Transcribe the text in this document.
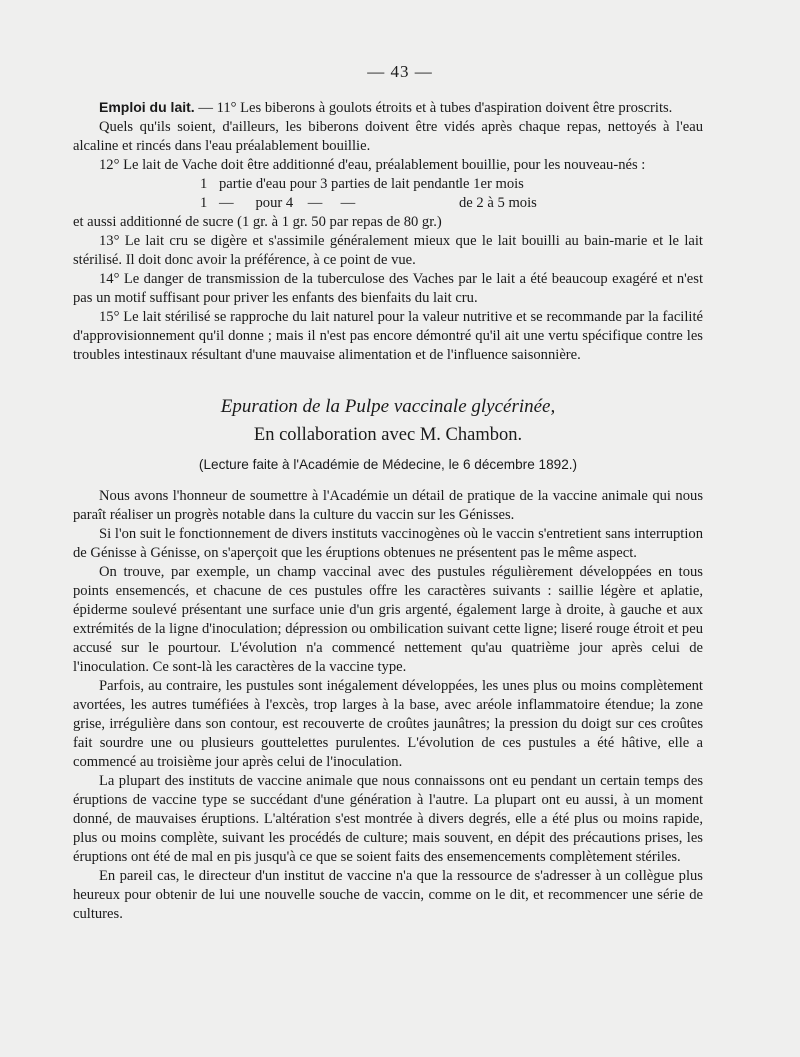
— 43 —

Emploi du lait. — 11° Les biberons à goulots étroits et à tubes d'aspiration doivent être proscrits.

Quels qu'ils soient, d'ailleurs, les biberons doivent être vidés après chaque repas, nettoyés à l'eau alcaline et rincés dans l'eau préalablement bouillie.

12° Le lait de Vache doit être additionné d'eau, préalablement bouillie, pour les nouveau-nés :

1 partie d'eau pour 3 parties de lait pendant le 1er mois
1 —      pour 4    —     —	de 2 à 5 mois

et aussi additionné de sucre (1 gr. à 1 gr. 50 par repas de 80 gr.)

13° Le lait cru se digère et s'assimile généralement mieux que le lait bouilli au bain-marie et le lait stérilisé. Il doit donc avoir la préférence, à ce point de vue.

14° Le danger de transmission de la tuberculose des Vaches par le lait a été beaucoup exagéré et n'est pas un motif suffisant pour priver les enfants des bienfaits du lait cru.

15° Le lait stérilisé se rapproche du lait naturel pour la valeur nutritive et se recommande par la facilité d'approvisionnement qu'il donne ; mais il n'est pas encore démontré qu'il ait une vertu spécifique contre les troubles intestinaux résultant d'une mauvaise alimentation et de l'influence saisonnière.

Epuration de la Pulpe vaccinale glycérinée,
En collaboration avec M. Chambon.
(Lecture faite à l'Académie de Médecine, le 6 décembre 1892.)

Nous avons l'honneur de soumettre à l'Académie un détail de pratique de la vaccine animale qui nous paraît réaliser un progrès notable dans la culture du vaccin sur les Génisses.

Si l'on suit le fonctionnement de divers instituts vaccinogènes où le vaccin s'entretient sans interruption de Génisse à Génisse, on s'aperçoit que les éruptions obtenues ne présentent pas le même aspect.

On trouve, par exemple, un champ vaccinal avec des pustules régulièrement développées en tous points ensemencés, et chacune de ces pustules offre les caractères suivants : saillie légère et aplatie, épiderme soulevé présentant une surface unie d'un gris argenté, également large à droite, à gauche et aux extrémités de la ligne d'inoculation; dépression ou ombilication suivant cette ligne; liseré rouge étroit et peu accusé sur le pourtour. L'évolution n'a commencé nettement qu'au quatrième jour après celui de l'inoculation. Ce sont-là les caractères de la vaccine type.

Parfois, au contraire, les pustules sont inégalement développées, les unes plus ou moins complètement avortées, les autres tuméfiées à l'excès, trop larges à la base, avec aréole inflammatoire étendue; la zone grise, irrégulière dans son contour, est recouverte de croûtes jaunâtres; la pression du doigt sur ces croûtes fait sourdre une ou plusieurs gouttelettes purulentes. L'évolution de ces pustules a été hâtive, elle a commencé au troisième jour après celui de l'inoculation.

La plupart des instituts de vaccine animale que nous connaissons ont eu pendant un certain temps des éruptions de vaccine type se succédant d'une génération à l'autre. La plupart ont eu aussi, à un moment donné, de mauvaises éruptions. L'altération s'est montrée à divers degrés, elle a été plus ou moins rapide, plus ou moins complète, suivant les procédés de culture; mais souvent, en dépit des précautions prises, les éruptions ont été de mal en pis jusqu'à ce que se soient faits des ensemencements complètement stériles.

En pareil cas, le directeur d'un institut de vaccine n'a que la ressource de s'adresser à un collègue plus heureux pour obtenir de lui une nouvelle souche de vaccin, comme on le dit, et recommencer une série de cultures.
